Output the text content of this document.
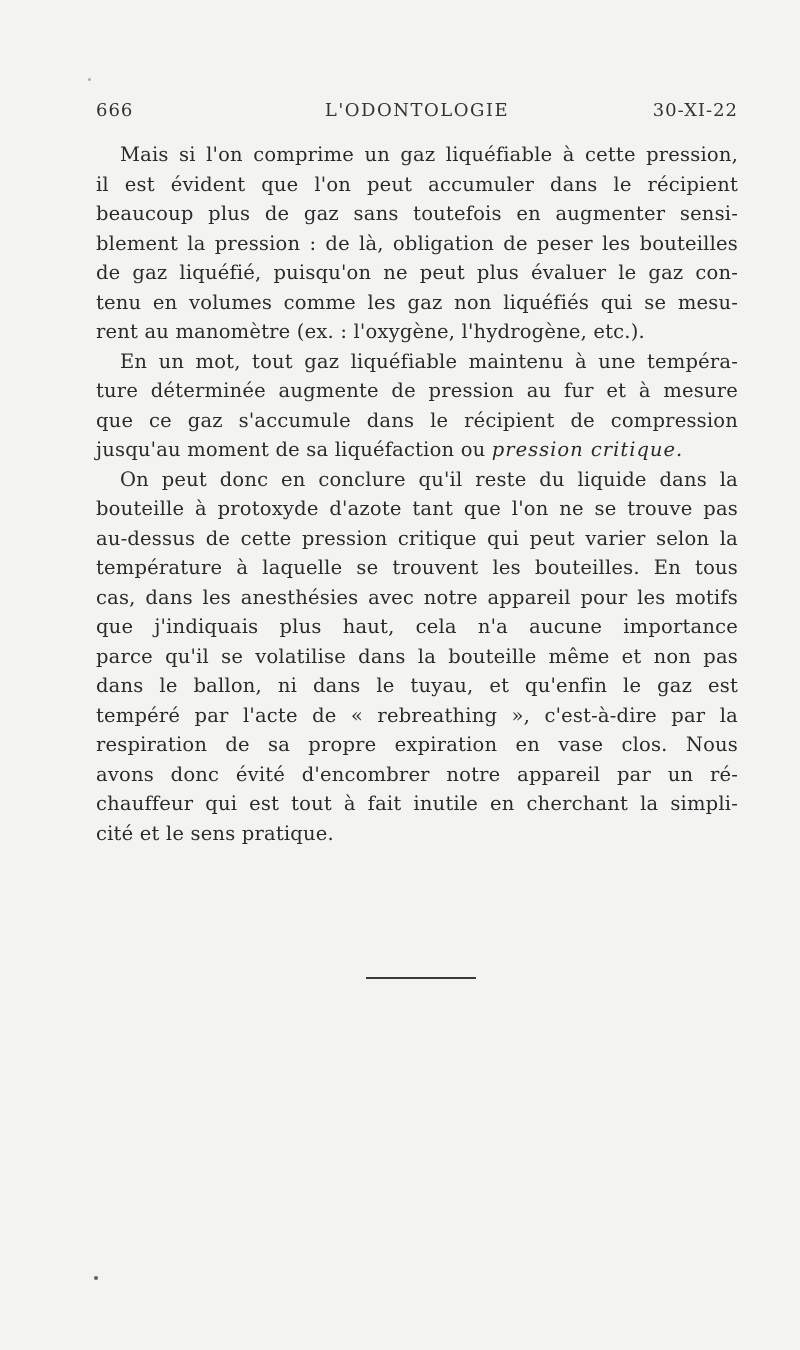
666	L'ODONTOLOGIE	30-XI-22
Mais si l'on comprime un gaz liquéfiable à cette pression,
il est évident que l'on peut accumuler dans le récipient
beaucoup plus de gaz sans toutefois en augmenter sensi-
blement la pression : de là, obligation de peser les bouteilles
de gaz liquéfié, puisqu'on ne peut plus évaluer le gaz con-
tenu en volumes comme les gaz non liquéfiés qui se mesu-
rent au manomètre (ex. : l'oxygène, l'hydrogène, etc.).
En un mot, tout gaz liquéfiable maintenu à une tempéra-
ture déterminée augmente de pression au fur et à mesure
que ce gaz s'accumule dans le récipient de compression
jusqu'au moment de sa liquéfaction ou pression critique.
On peut donc en conclure qu'il reste du liquide dans la
bouteille à protoxyde d'azote tant que l'on ne se trouve pas
au-dessus de cette pression critique qui peut varier selon la
température à laquelle se trouvent les bouteilles. En tous
cas, dans les anesthésies avec notre appareil pour les motifs
que j'indiquais plus haut, cela n'a aucune importance
parce qu'il se volatilise dans la bouteille même et non pas
dans le ballon, ni dans le tuyau, et qu'enfin le gaz est
tempéré par l'acte de « rebreathing », c'est-à-dire par la
respiration de sa propre expiration en vase clos. Nous
avons donc évité d'encombrer notre appareil par un ré-
chauffeur qui est tout à fait inutile en cherchant la simpli-
cité et le sens pratique.
